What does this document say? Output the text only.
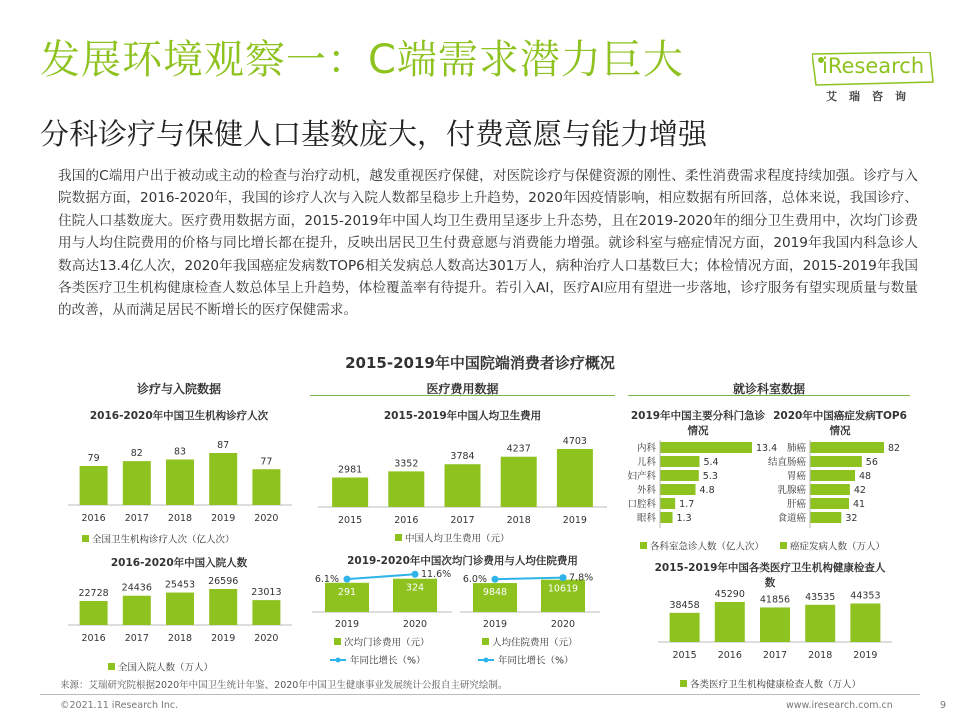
发展环境观察一：C端需求潜力巨大	iResearch
艾瑞咨询
分科诊疗与保健人口基数庞大，付费意愿与能力增强
我国的C端用户出于被动或主动的检查与治疗动机，越发重视医疗保健，对医院诊疗与保健资源的刚性、柔性消费需求程度持续加强。诊疗与入院数据方面，2016-2020年，我国的诊疗人次与入院人数都呈稳步上升趋势，2020年因疫情影响，相应数据有所回落，总体来说，我国诊疗、住院人口基数庞大。医疗费用数据方面，2015-2019年中国人均卫生费用呈逐步上升态势，且在2019-2020年的细分卫生费用中，次均门诊费用与人均住院费用的价格与同比增长都在提升，反映出居民卫生付费意愿与消费能力增强。就诊科室与癌症情况方面，2019年我国内科急诊人数高达13.4亿人次，2020年我国癌症发病数TOP6相关发病总人数高达301万人，病种治疗人口基数巨大；体检情况方面，2015-2019年我国各类医疗卫生机构健康检查人数总体呈上升趋势，体检覆盖率有待提升。若引入AI，医疗AI应用有望进一步落地，诊疗服务有望实现质量与数量的改善，从而满足居民不断增长的医疗保健需求。
2015-2019年中国院端消费者诊疗概况
诊疗与入院数据	医疗费用数据	就诊科室数据
2016-2020年中国卫生机构诊疗人次
2016-2020年中国入院人数
2015-2019年中国人均卫生费用
2019-2020年中国次均门诊费用与人均住院费用
2019年中国主要分科门急诊情况
2020年中国癌症发病TOP6情况
2015-2019年中国各类医疗卫生机构健康检查人数
79
2016
82
2017
83
2018
87
2019
77
2020
全国卫生机构诊疗人次（亿人次）
22728
2016
24436
2017
25453
2018
26596
2019
23013
2020
全国入院人数（万人）
2981
2015
3352
2016
3784
2017
4237
2018
4703
2019
中国人均卫生费用（元）
291
2019
324
2020
6.1%	11.6%
次均门诊费用（元）
年同比增长（%）
9848
2019
10619
2020
6.0%	7.8%
人均住院费用（元）
年同比增长（%）
内科	13.4
儿科	5.4
妇产科	5.3
外科	4.8
口腔科 1.7
眼科 1.3
肺癌	82
结直肠癌	56
胃癌	48
乳腺癌	42
肝癌	41
食道癌	32
各科室急诊人数（亿人次）	癌症发病人数（万人）
38458
2015
45290
2016
41856
2017
43535
2018
44353
2019
各类医疗卫生机构健康检查人数（万人）
来源：艾瑞研究院根据2020年中国卫生统计年鉴、2020年中国卫生健康事业发展统计公报自主研究绘制。
©2021.11 iResearch Inc.	www.iresearch.com.cn	9
